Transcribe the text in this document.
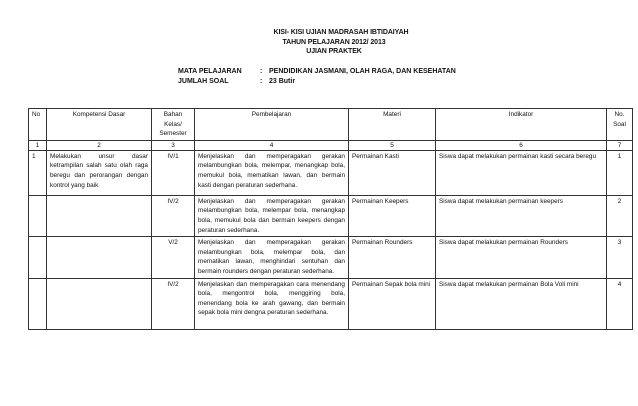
KISI- KISI UJIAN MADRASAH IBTIDAIYAH
TAHUN PELAJARAN 2012/ 2013
UJIAN PRAKTEK
MATA PELAJARAN	: PENDIDIKAN JASMANI, OLAH RAGA, DAN KESEHATAN
JUMLAH SOAL	: 23 Butir
No	Kompetensi Dasar	Bahan Kelas/ Semester	Pembelajaran	Materi	Indikator	No. Soal
1	2	3	4	5	6	7
1	Melakukan unsur dasar ketrampilan salah satu olah raga beregu dan perorangan dengan kontrol yang baik	IV/1	Menjelaskan dan memperagakan gerakan melambungkan bola, melempar, menangkap bola, memukul bola, mematikan lawan, dan bermain kasti dengan peraturan sederhana.	Permainan Kasti	Siswa dapat melakukan permainan kasti secara beregu	1
		IV/2	Menjelaskan dan memperagakan gerakan melambungkan bola, melempar bola, menangkap bola, memukul bola dan bermain keepers dengan peraturan sederhana.	Permainan Keepers	Siswa dapat melakukan permainan keepers	2
		V/2	Menjelaskan dan memperagakan gerakan melambungkan bola, melempar bola, dan mematikan lawan, menghindari sentuhan dan bermain rounders dengan peraturan sederhana.	Permainan Rounders	Siswa dapat melakukan permainan Rounders	3
		IV/2	Menjelaskan dan memperagakan cara menendang bola, mengontrol bola, menggiring bola, menendang bola ke arah gawang, dan bermain sepak bola mini dengna peraturan sederhana.	Permainan Sepak bola mini	Siswa dapat melakukan permainan Bola Voli mini	4
